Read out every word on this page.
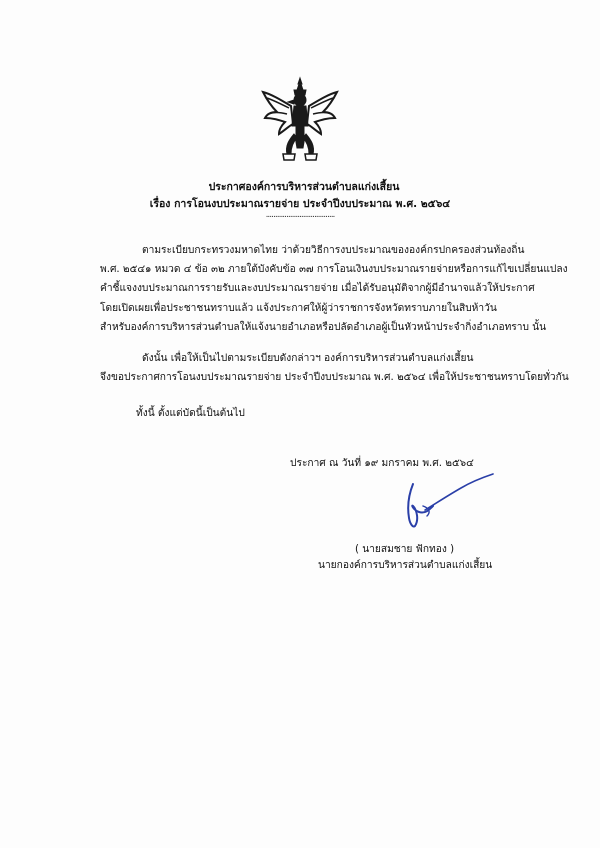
ประกาศองค์การบริหารส่วนตำบลแก่งเสี้ยน
เรื่อง การโอนงบประมาณรายจ่าย ประจำปีงบประมาณ พ.ศ. ๒๕๖๔
.....................................
ตามระเบียบกระทรวงมหาดไทย ว่าด้วยวิธีการงบประมาณขององค์กรปกครองส่วนท้องถิ่น
พ.ศ. ๒๕๔๑ หมวด ๔ ข้อ ๓๒ ภายใต้บังคับข้อ ๓๗ การโอนเงินงบประมาณรายจ่ายหรือการแก้ไขเปลี่ยนแปลง
คำชี้แจงงบประมาณการรายรับและงบประมาณรายจ่าย เมื่อได้รับอนุมัติจากผู้มีอำนาจแล้วให้ประกาศ
โดยเปิดเผยเพื่อประชาชนทราบแล้ว แจ้งประกาศให้ผู้ว่าราชการจังหวัดทราบภายในสิบห้าวัน
สำหรับองค์การบริหารส่วนตำบลให้แจ้งนายอำเภอหรือปลัดอำเภอผู้เป็นหัวหน้าประจำกิ่งอำเภอทราบ นั้น
ดังนั้น เพื่อให้เป็นไปตามระเบียบดังกล่าวฯ องค์การบริหารส่วนตำบลแก่งเสี้ยน
จึงขอประกาศการโอนงบประมาณรายจ่าย ประจำปีงบประมาณ พ.ศ. ๒๕๖๔ เพื่อให้ประชาชนทราบโดยทั่วกัน
ทั้งนี้ ตั้งแต่บัดนี้เป็นต้นไป
ประกาศ ณ วันที่ ๑๙ มกราคม พ.ศ. ๒๕๖๔
( นายสมชาย ฟักทอง )
นายกองค์การบริหารส่วนตำบลแก่งเสี้ยน
